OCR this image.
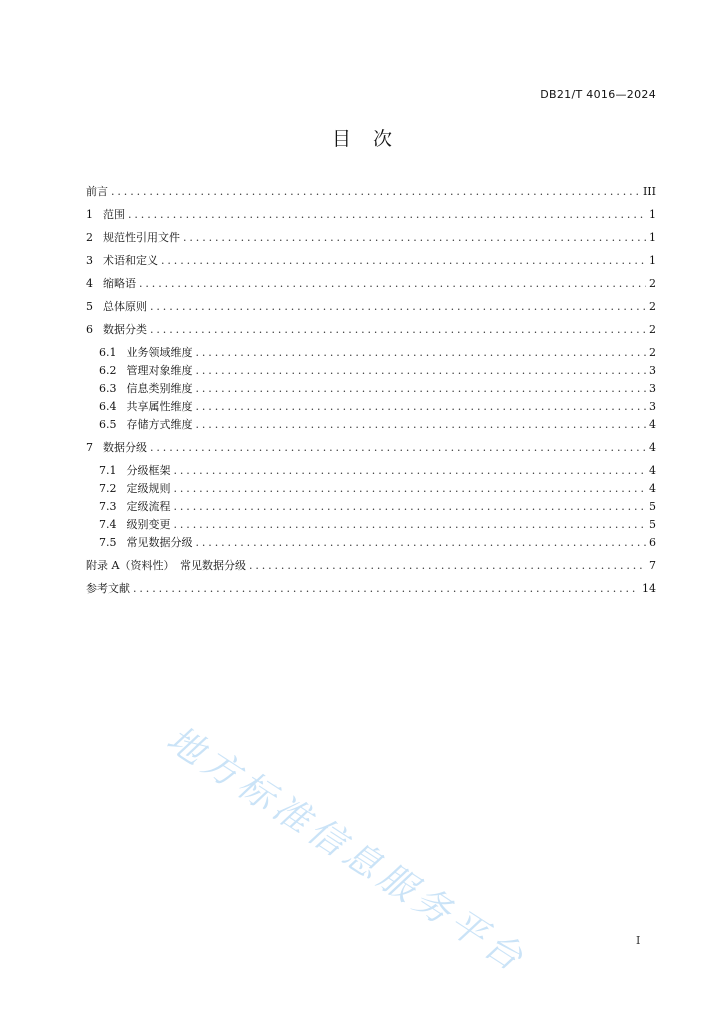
DB21/T 4016—2024
目次
前言 .....	III
1 范围 .....	1
2 规范性引用文件 .....	1
3 术语和定义 .....	1
4 缩略语 .....	2
5 总体原则 .....	2
6 数据分类 .....	2
6.1 业务领域维度 .....	2
6.2 管理对象维度 .....	3
6.3 信息类别维度 .....	3
6.4 共享属性维度 .....	3
6.5 存储方式维度 .....	4
7 数据分级 .....	4
7.1 分级框架 .....	4
7.2 定级规则 .....	4
7.3 定级流程 .....	5
7.4 级别变更 .....	5
7.5 常见数据分级 .....	6
附录 A（资料性）　常见数据分级 .....	7
参考文献 .....	14
地方标准信息服务平台	I
